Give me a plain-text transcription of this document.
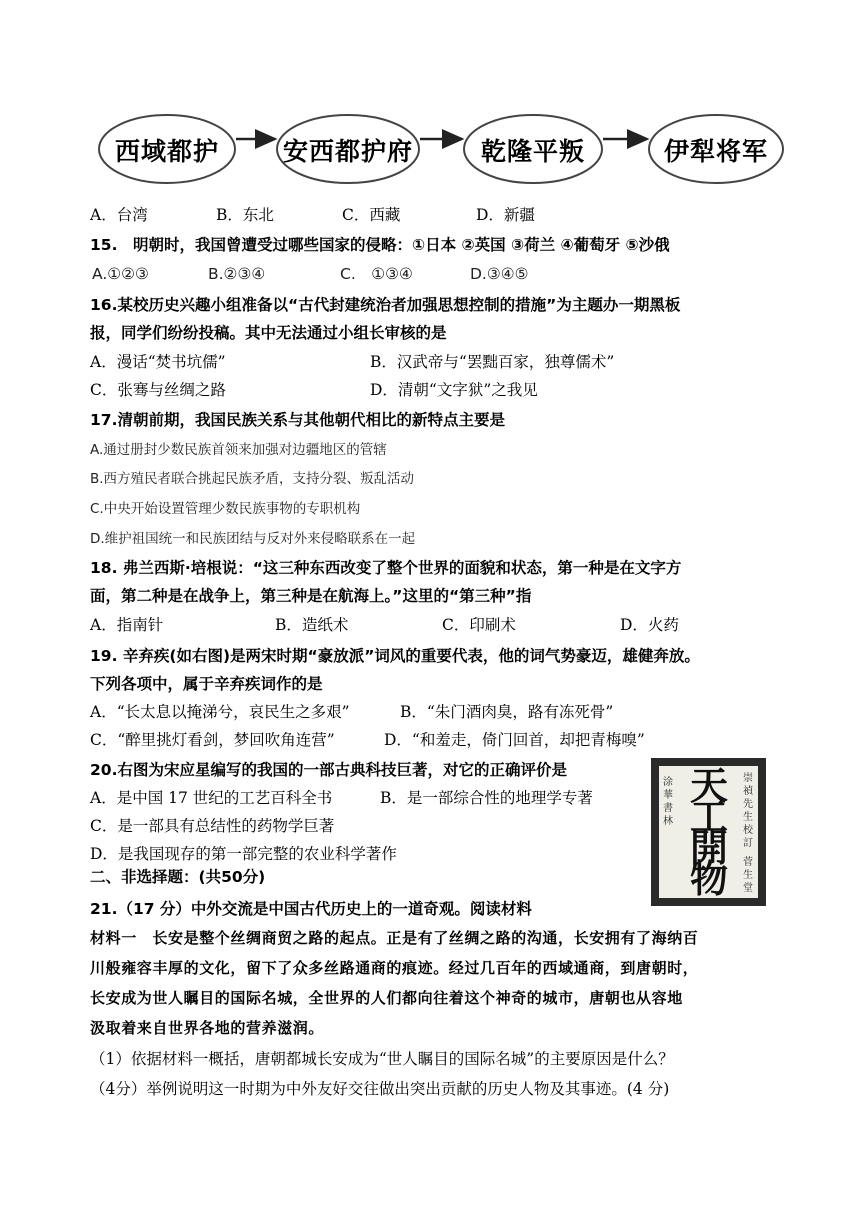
西域都护	安西都护府	乾隆平叛	伊犁将军
A．台湾	B．东北	C．西藏	D．新疆
15.　明朝时，我国曾遭受过哪些国家的侵略：①日本 ②英国 ③荷兰 ④葡萄牙 ⑤沙俄
A.①②③	B.②③④	C.　①③④	D.③④⑤
16.某校历史兴趣小组准备以“古代封建统治者加强思想控制的措施”为主题办一期黑板
报，同学们纷纷投稿。其中无法通过小组长审核的是
A．漫话“焚书坑儒”	B．汉武帝与“罢黜百家，独尊儒术”
C．张骞与丝绸之路	D．清朝“文字狱”之我见
17.清朝前期，我国民族关系与其他朝代相比的新特点主要是
A.通过册封少数民族首领来加强对边疆地区的管辖
B.西方殖民者联合挑起民族矛盾，支持分裂、叛乱活动
C.中央开始设置管理少数民族事物的专职机构
D.维护祖国统一和民族团结与反对外来侵略联系在一起
18. 弗兰西斯·培根说：“这三种东西改变了整个世界的面貌和状态，第一种是在文字方
面，第二种是在战争上，第三种是在航海上。”这里的“第三种”指
A．指南针	B．造纸术	C．印刷术	D．火药
19. 辛弃疾(如右图)是两宋时期“豪放派”词风的重要代表，他的词气势豪迈，雄健奔放。
下列各项中，属于辛弃疾词作的是
A．“长太息以掩涕兮，哀民生之多艰”	B．“朱门酒肉臭，路有冻死骨”
C．“醉里挑灯看剑，梦回吹角连营”	D．“和羞走，倚门回首，却把青梅嗅”
20.右图为宋应星编写的我国的一部古典科技巨著，对它的正确评价是
A．是中国 17 世纪的工艺百科全书	B．是一部综合性的地理学专著
C．是一部具有总结性的药物学巨著
D．是我国现存的第一部完整的农业科学著作
崇禎先生校訂
涂華書林
天工開物	菅生堂
二、非选择题：(共50分)
21.（17 分）中外交流是中国古代历史上的一道奇观。阅读材料
材料一　长安是整个丝绸商贸之路的起点。正是有了丝绸之路的沟通，长安拥有了海纳百
川般雍容丰厚的文化，留下了众多丝路通商的痕迹。经过几百年的西域通商，到唐朝时，
长安成为世人瞩目的国际名城，全世界的人们都向往着这个神奇的城市，唐朝也从容地
汲取着来自世界各地的营养滋润。
（1）依据材料一概括，唐朝都城长安成为“世人瞩目的国际名城”的主要原因是什么？
（4分）举例说明这一时期为中外友好交往做出突出贡献的历史人物及其事迹。(4 分)
